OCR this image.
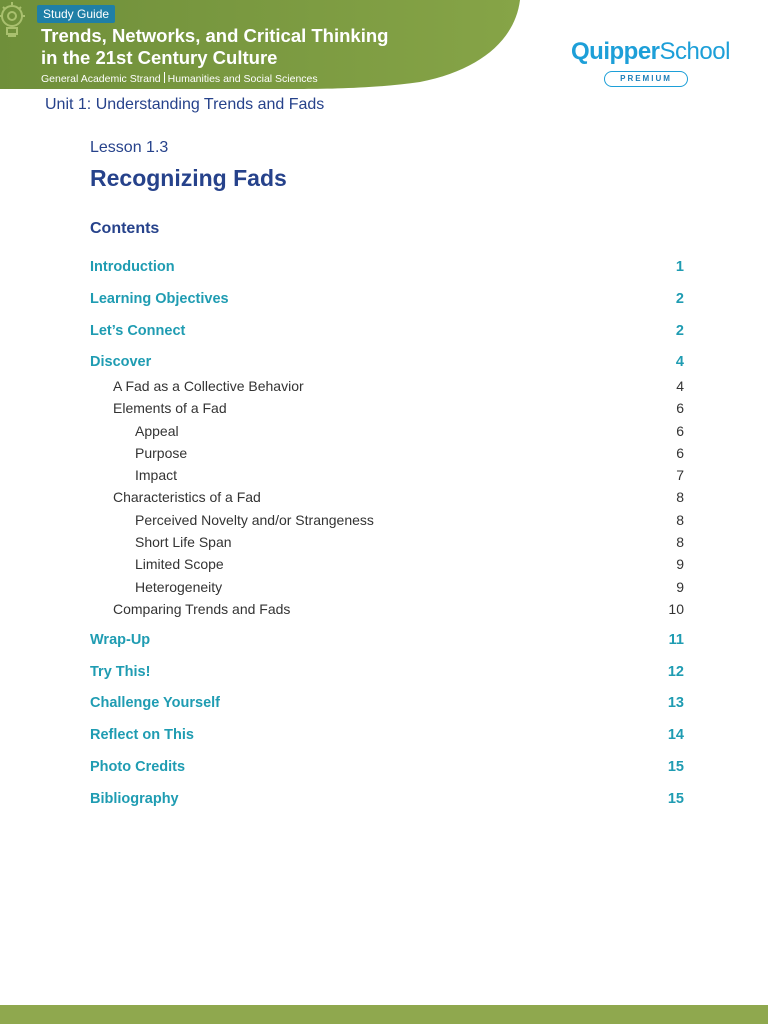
Study Guide
Trends, Networks, and Critical Thinking
in the 21st Century Culture
General Academic Strand Humanities and Social Sciences
QuipperSchool
PREMIUM
Unit 1: Understanding Trends and Fads
Lesson 1.3
Recognizing Fads
Contents
Introduction	1
Learning Objectives	2
Let’s Connect	2
Discover	4
A Fad as a Collective Behavior	4
Elements of a Fad	6
Appeal	6
Purpose	6
Impact	7
Characteristics of a Fad	8
Perceived Novelty and/or Strangeness	8
Short Life Span	8
Limited Scope	9
Heterogeneity	9
Comparing Trends and Fads	10
Wrap-Up	11
Try This!	12
Challenge Yourself	13
Reflect on This	14
Photo Credits	15
Bibliography	15
